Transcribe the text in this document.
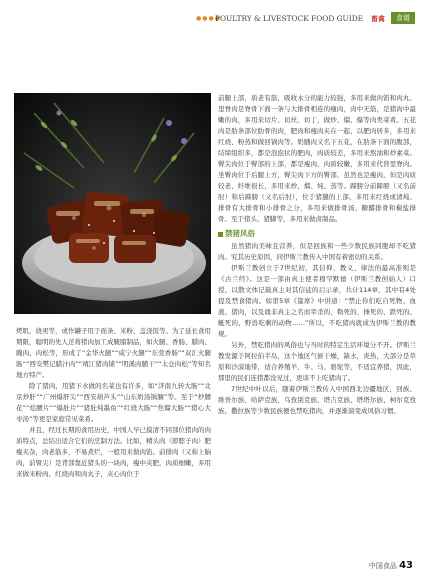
●●●●
POULTRY & LIVESTOCK FOOD GUIDE 畜禽	食谱

烤肌，烧卖等，或作罐子用于面条、米粉、盖浇饭等。为了延长食用期限，聪明的先人还将猪肉加工成腌腊制品，如火腿、香肠、腊肉、腌肉、肉松等，形成了“金华火腿”“咸宁火腿”“东莞香肠”“双汇火腿肠”“西安樊记腊汁肉”“靖江猪肉铺”“明溪肉脯干”“太仓肉松”等知名地方特产。

除了猪肉，用猪下水做的名菜也有许多，如“济南九转大肠”“北京炒肝”“广州爆肝尖”“西安葫芦头”“山东奶汤锅腩”等。至于“炒腰花”“烩腰片”“爆肚片”“猪肚炖墨鱼”“红烧大肠”“焦熘大肠”“猪心大枣汤”等更是家庭常见菜肴。

并且，经过长期的食用历史，中国人早已摸清不同部位猪肉的肉质特点，总结出适合它们的烹制方法。比如，精头肉（即脖子肉）肥瘦夹杂，肉老筋多，不易煮烂，一般用来做肉馅。前排肉（又称上脑肉，前臂尖）是背部靠近猪头的一块肉，瘦中夹肥，肉质细嫩，多用来做米粉肉、红烧肉和肉丸子，夹心肉位于

前腿上部，质老有筋，吸收水分的能力较强，多用来做肉馅和肉丸。里脊肉是脊骨下面一条与大排骨相连的瘦肉，肉中无筋，是猪肉中最嫩的肉，多用来切片、切丝、切丁，做炒、熘、爆等肉类菜肴。五花肉是肋条部位肋骨的肉，肥肉和瘦肉夹在一起，以肥肉居多，多用来红烧、粉蒸和做回锅肉等。奶脯肉又名下五花，在肋条下面的腹部，结缔组织多，都是泡泡状的肥肉，肉质较差，多用来熬油和炒素菜。臀尖肉位于臀部的上部，都是瘦肉，肉质较嫩，多用来代替里脊肉。坐臀肉位于后腿上方，臀尖肉下方的臀部，虽然也是瘦肉，但是肉质较老、纤维很长，多用来炒、熘、炖、蒸等。蹄膀分前蹄膀（又名前肘）和后蹄膀（又名后肘），位于猪腿的上部，多用来红烧或清炖。排骨有大排骨和小排骨之分，多用来做排骨汤、糖醋排骨和椒盐排骨。至于猪头、猪脚等，多用来做卤制品。

禁猪风俗

虽然猪肉美味且营养，但是回族和一些少数民族同胞却不吃猪肉。究其历史原因，同伊斯兰教传入中国有着密切的关系。

伊斯兰教创立于7世纪初，其信仰、教义、律法的最高准则是《古兰经》。这是一部由真主使者穆罕默德（伊斯兰教创始人）口授，以散文体记载真主对其信徒的启示录，共计114章，其中有4处提及禁食猪肉。如第5章《筵席》中讲道：“禁止你们吃自死物、血液、猪肉，以及诵非真主之名而宰杀的、勒死的、捶死的、跌死的、觝死的、野兽吃剩的动物……”所以，不吃猪肉就成为伊斯兰教的教规。

另外，禁吃猪肉的风俗也与当时的特定生活环境分不开。伊斯兰教发源于阿拉伯半岛，这个地区气候干燥，缺水，炎热，大部分是草原和沙漠地带，适合养殖羊、牛、马、骆驼等，不适宜养猪，因此，那里的民们连猪都没见过，更谈不上吃猪肉了。

7世纪中叶以后，随着伊斯兰教传入中国西北边疆地区，回族、维吾尔族、哈萨克族、乌孜别克族、塔吉克族、塔塔尔族、柯尔克孜族、撒拉族等少数民族便也禁吃猪肉，并逐渐演变成风俗习惯。

中国食品 43
